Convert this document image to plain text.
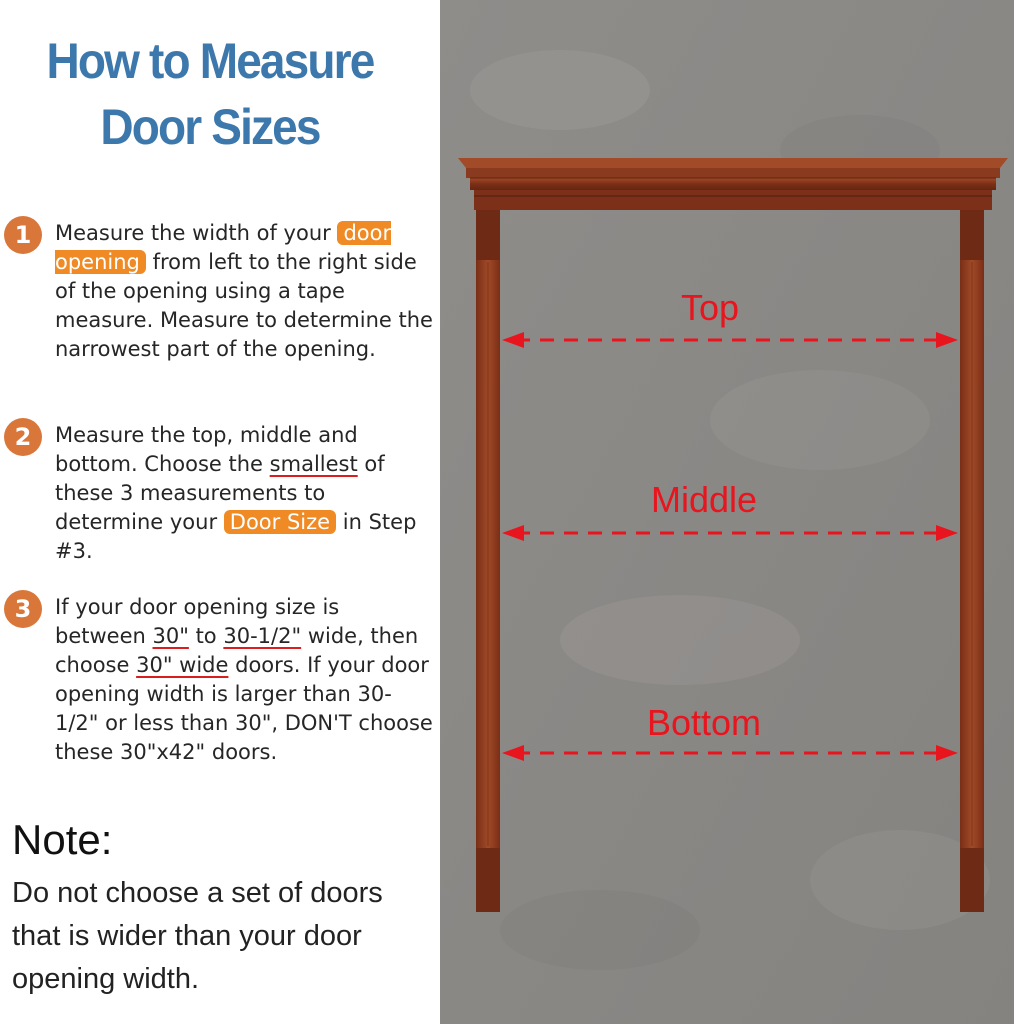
How to Measure
Door Sizes
1	Measure the width of your door opening from left to the right side of the opening using a tape measure. Measure to determine the narrowest part of the opening.
2	Measure the top, middle and bottom. Choose the smallest of these 3 measurements to determine your Door Size in Step #3.
3	If your door opening size is between 30" to 30-1/2" wide, then choose 30" wide doors. If your door opening width is larger than 30-1/2" or less than 30", DON'T choose these 30"x42" doors.
Note:
Do not choose a set of doors that is wider than your door opening width.
Top
Middle
Bottom
